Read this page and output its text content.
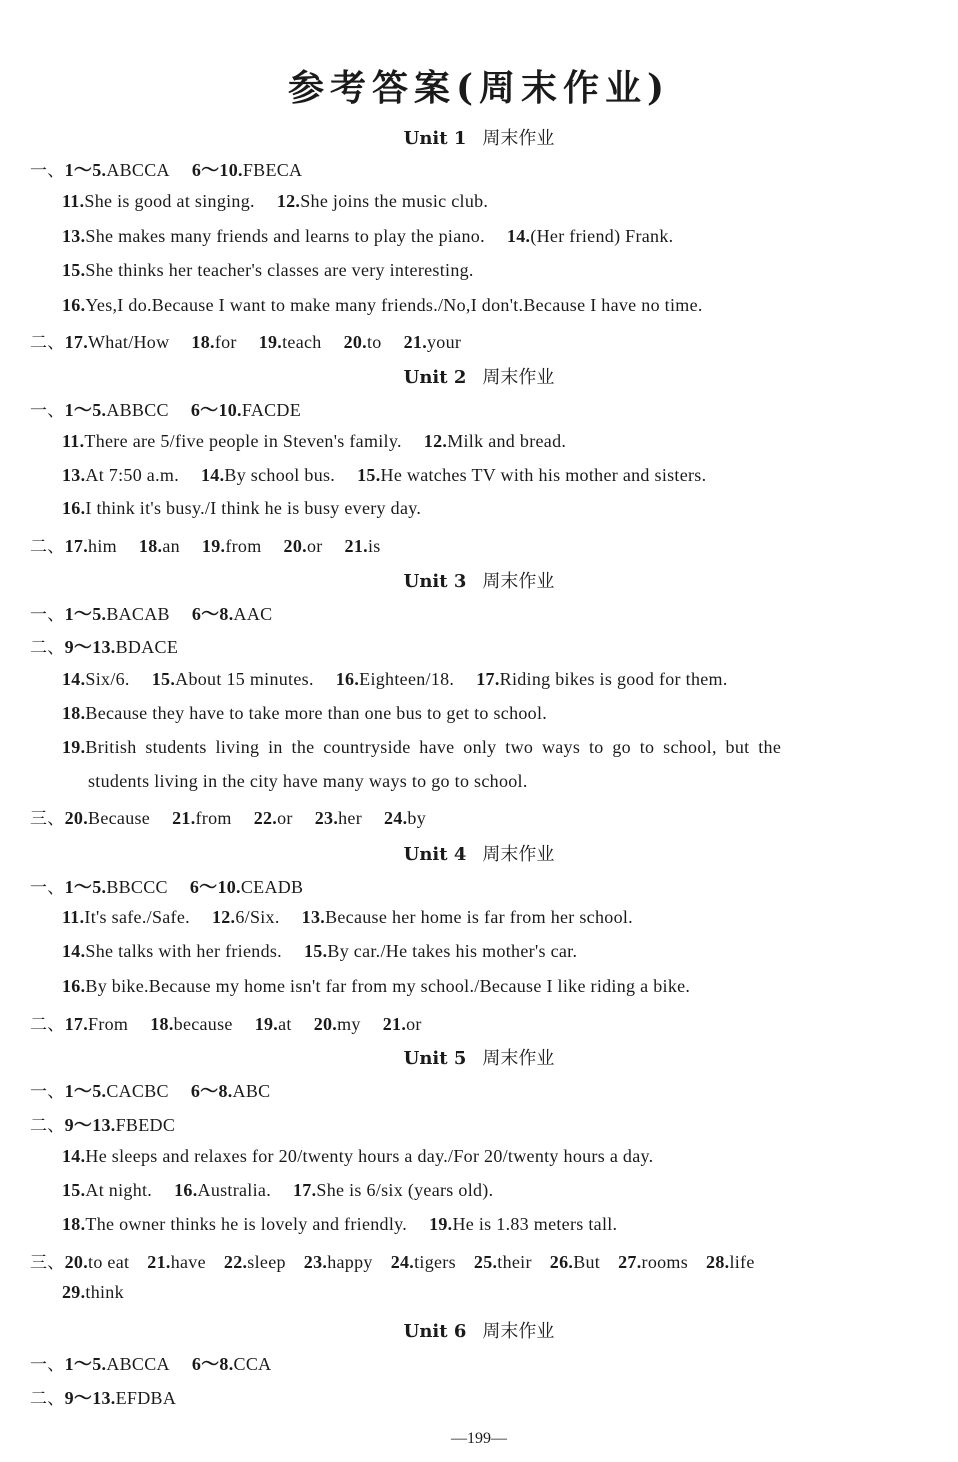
参考答案(周末作业)
Unit 1 周末作业
一、1～5.ABCCA 6～10.FBECA
11.She is good at singing. 12.She joins the music club.
13.She makes many friends and learns to play the piano. 14.(Her friend) Frank.
15.She thinks her teacher's classes are very interesting.
16.Yes,I do.Because I want to make many friends./No,I don't.Because I have no time.
二、17.What/How 18.for 19.teach 20.to 21.your
Unit 2 周末作业
一、1～5.ABBCC 6～10.FACDE
11.There are 5/five people in Steven's family. 12.Milk and bread.
13.At 7:50 a.m. 14.By school bus. 15.He watches TV with his mother and sisters.
16.I think it's busy./I think he is busy every day.
二、17.him 18.an 19.from 20.or 21.is
Unit 3 周末作业
一、1～5.BACAB 6～8.AAC
二、9～13.BDACE
14.Six/6. 15.About 15 minutes. 16.Eighteen/18. 17.Riding bikes is good for them.
18.Because they have to take more than one bus to get to school.
19.British students living in the countryside have only two ways to go to school, but the
students living in the city have many ways to go to school.
三、20.Because 21.from 22.or 23.her 24.by
Unit 4 周末作业
一、1～5.BBCCC 6～10.CEADB
11.It's safe./Safe. 12.6/Six. 13.Because her home is far from her school.
14.She talks with her friends. 15.By car./He takes his mother's car.
16.By bike.Because my home isn't far from my school./Because I like riding a bike.
二、17.From 18.because 19.at 20.my 21.or
Unit 5 周末作业
一、1～5.CACBC 6～8.ABC
二、9～13.FBEDC
14.He sleeps and relaxes for 20/twenty hours a day./For 20/twenty hours a day.
15.At night. 16.Australia. 17.She is 6/six (years old).
18.The owner thinks he is lovely and friendly. 19.He is 1.83 meters tall.
三、20.to eat 21.have 22.sleep 23.happy 24.tigers 25.their 26.But 27.rooms 28.life
29.think
Unit 6 周末作业
一、1～5.ABCCA 6～8.CCA
二、9～13.EFDBA
—199—
